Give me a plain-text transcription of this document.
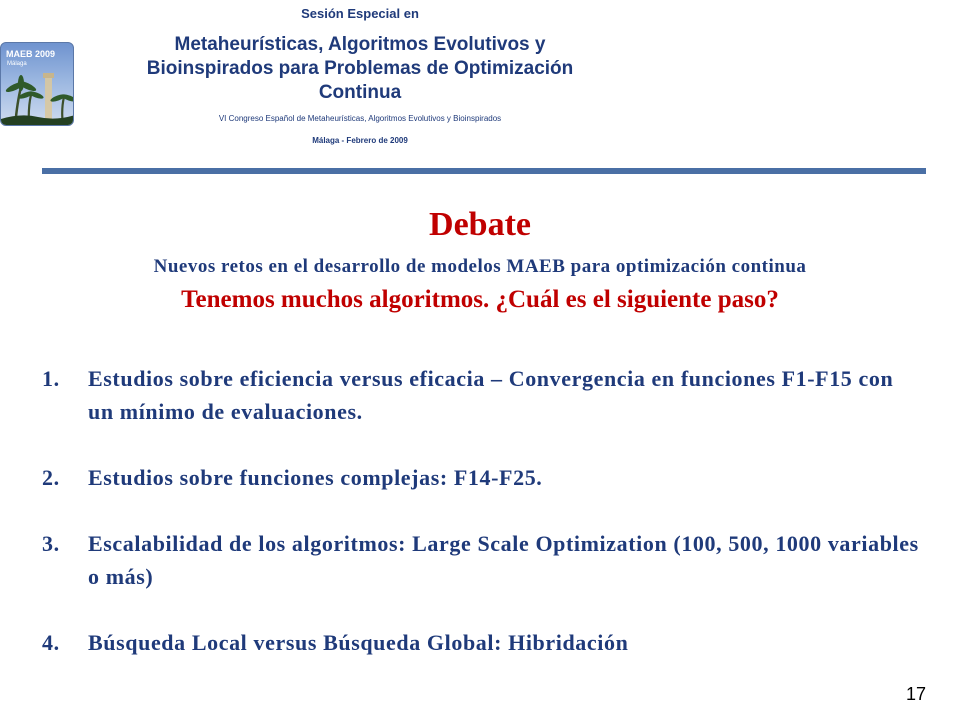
MAEB 2009
Málaga
Sesión Especial en
Metaheurísticas, Algoritmos Evolutivos y
Bioinspirados para Problemas de Optimización
Continua
VI Congreso Español de Metaheurísticas, Algoritmos Evolutivos y Bioinspirados
Málaga - Febrero de 2009
Debate
Nuevos retos en el desarrollo de modelos MAEB para optimización continua
Tenemos muchos algoritmos. ¿Cuál es el siguiente paso?
1.	Estudios sobre eficiencia versus eficacia – Convergencia en funciones F1-F15 con un mínimo de evaluaciones.
2.	Estudios sobre funciones complejas: F14-F25.
3.	Escalabilidad de los algoritmos: Large Scale Optimization (100, 500, 1000 variables o más)
4.	Búsqueda Local versus Búsqueda Global: Hibridación
17
